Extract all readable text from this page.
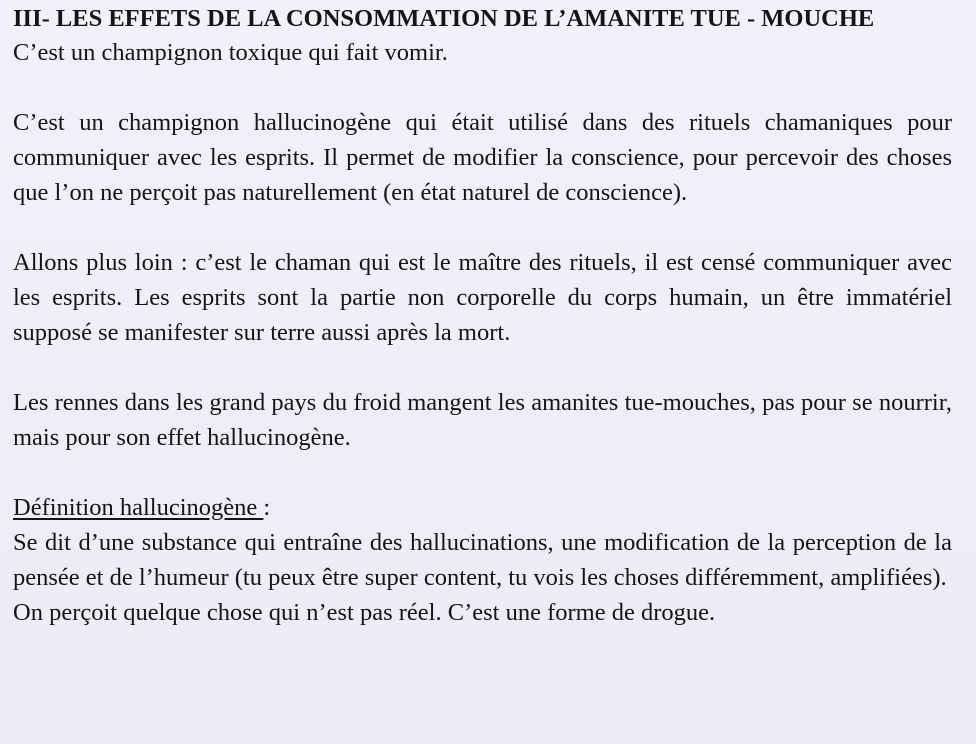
III- LES EFFETS DE LA CONSOMMATION DE L’AMANITE TUE - MOUCHE

C’est un champignon toxique qui fait vomir.

C’est un champignon hallucinogène qui était utilisé dans des rituels chamaniques pour communiquer avec les esprits. Il permet de modifier la conscience, pour percevoir des choses que l’on ne perçoit pas naturellement (en état naturel de conscience).

Allons plus loin : c’est le chaman qui est le maître des rituels, il est censé communiquer avec les esprits. Les esprits sont la partie non corporelle du corps humain, un être immatériel supposé se manifester sur terre aussi après la mort.

Les rennes dans les grand pays du froid mangent les amanites tue-mouches, pas pour se nourrir, mais pour son effet hallucinogène.

Définition hallucinogène :

Se dit d’une substance qui entraîne des hallucinations, une modification de la perception de la pensée et de l’humeur (tu peux être super content, tu vois les choses différemment, amplifiées).

On perçoit quelque chose qui n’est pas réel. C’est une forme de drogue.
